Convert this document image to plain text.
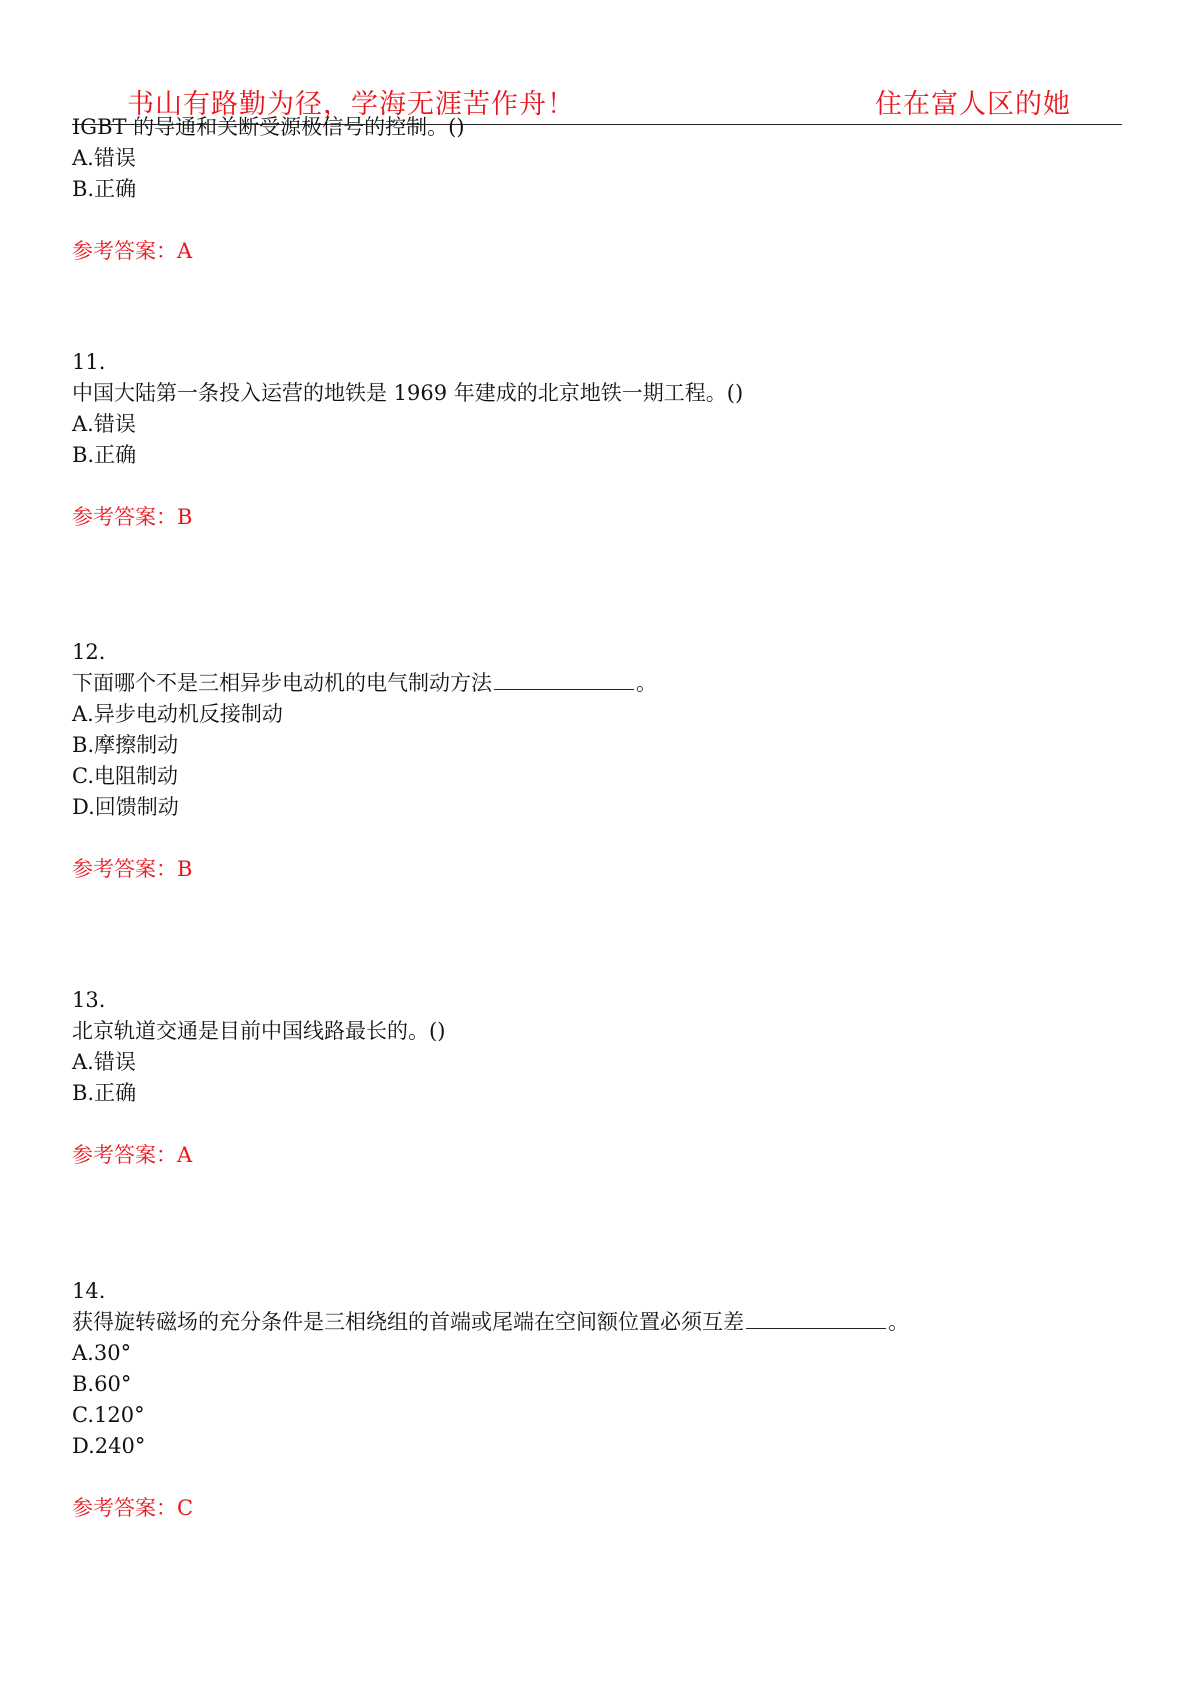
书山有路勤为径，学海无涯苦作舟！	住在富人区的她
IGBT 的导通和关断受源极信号的控制。()
A.错误
B.正确
参考答案：A
11.
中国大陆第一条投入运营的地铁是 1969 年建成的北京地铁一期工程。()
A.错误
B.正确
参考答案：B
12.
下面哪个不是三相异步电动机的电气制动方法	。
A.异步电动机反接制动
B.摩擦制动
C.电阻制动
D.回馈制动
参考答案：B
13.
北京轨道交通是目前中国线路最长的。()
A.错误
B.正确
参考答案：A
14.
获得旋转磁场的充分条件是三相绕组的首端或尾端在空间额位置必须互差	。
A.30°
B.60°
C.120°
D.240°
参考答案：C
